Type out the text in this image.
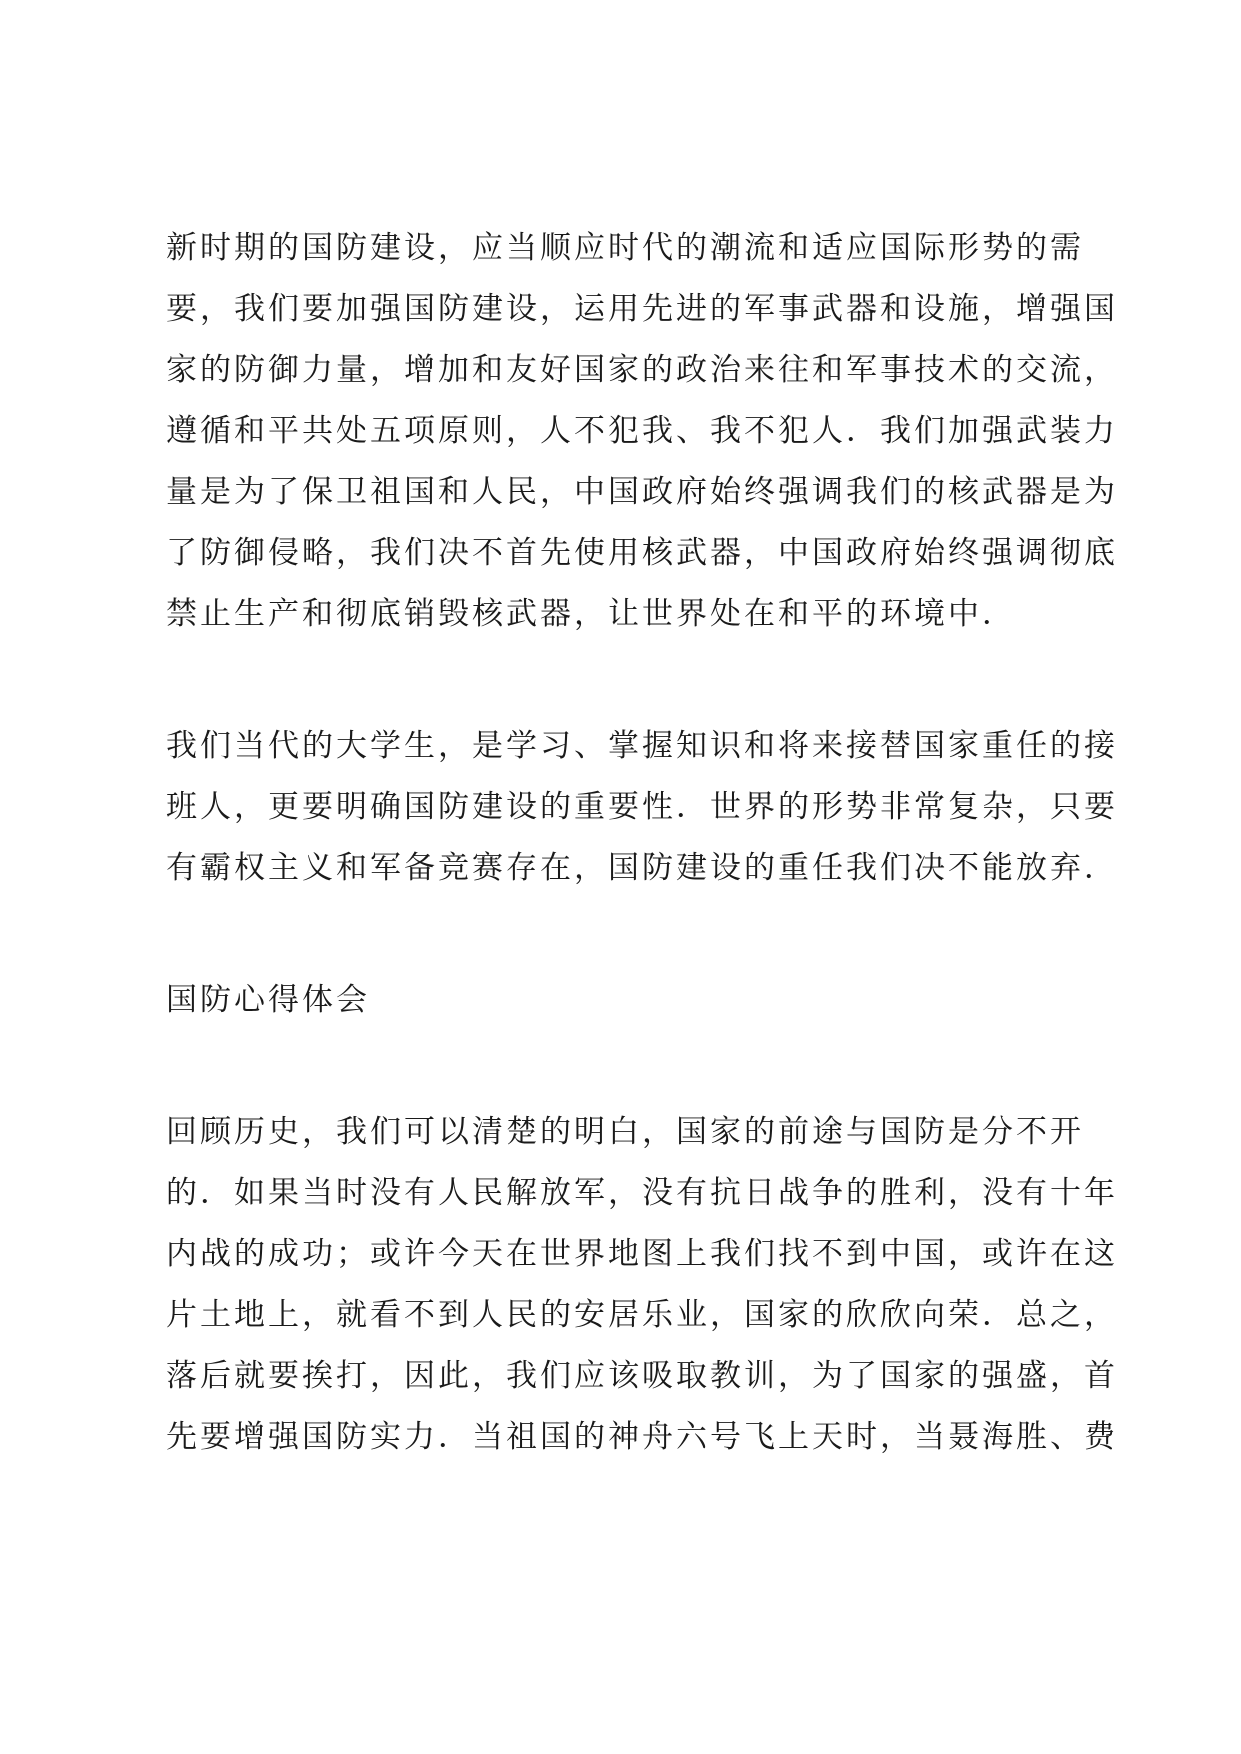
新时期的国防建设，应当顺应时代的潮流和适应国际形势的需
要，我们要加强国防建设，运用先进的军事武器和设施，增强国
家的防御力量，增加和友好国家的政治来往和军事技术的交流，
遵循和平共处五项原则，人不犯我、我不犯人．我们加强武装力
量是为了保卫祖国和人民，中国政府始终强调我们的核武器是为
了防御侵略，我们决不首先使用核武器，中国政府始终强调彻底
禁止生产和彻底销毁核武器，让世界处在和平的环境中．
我们当代的大学生，是学习、掌握知识和将来接替国家重任的接
班人，更要明确国防建设的重要性．世界的形势非常复杂，只要
有霸权主义和军备竞赛存在，国防建设的重任我们决不能放弃．
国防心得体会
回顾历史，我们可以清楚的明白，国家的前途与国防是分不开
的．如果当时没有人民解放军，没有抗日战争的胜利，没有十年
内战的成功；或许今天在世界地图上我们找不到中国，或许在这
片土地上，就看不到人民的安居乐业，国家的欣欣向荣．总之，
落后就要挨打，因此，我们应该吸取教训，为了国家的强盛，首
先要增强国防实力．当祖国的神舟六号飞上天时，当聂海胜、费
